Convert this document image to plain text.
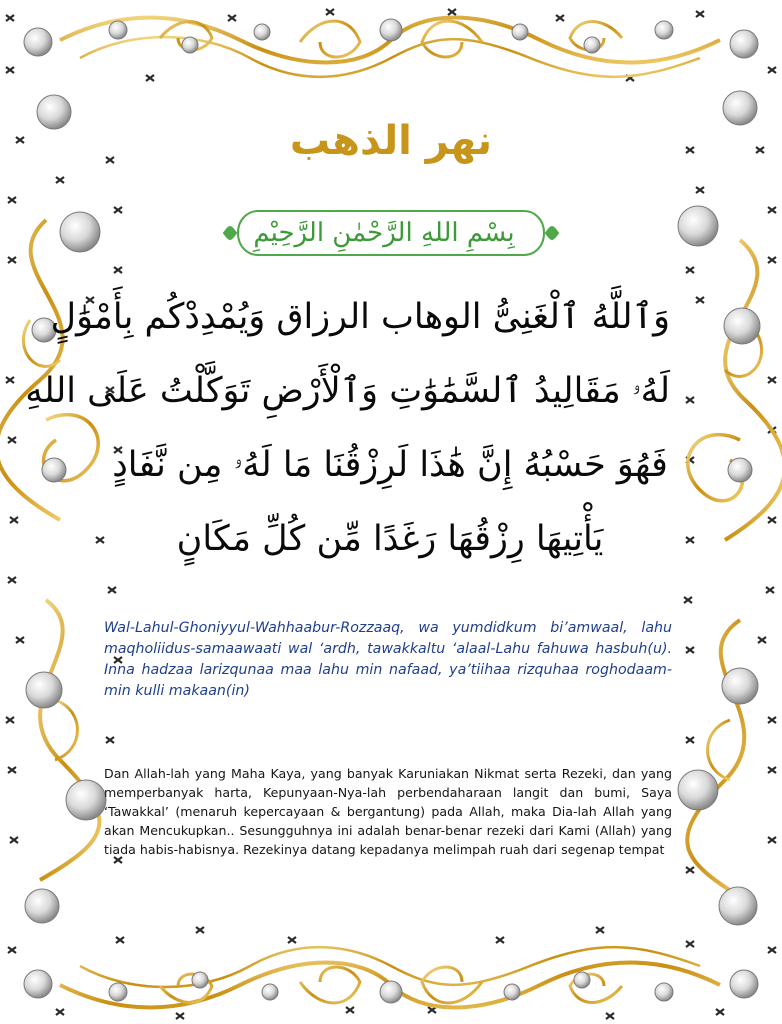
نهر الذهب
بِسْمِ اللهِ الرَّحْمٰنِ الرَّحِيْمِ
وَٱللَّهُ ٱلْغَنِىُّ الوهاب الرزاق وَيُمْدِدْكُم بِأَمْوَٰلٍ
لَهُۥ مَقَالِيدُ ٱلسَّمَٰوَٰتِ وَٱلْأَرْضِ تَوَكَّلْتُ عَلَى اللهِ
فَهُوَ حَسْبُهُ إِنَّ هَٰذَا لَرِزْقُنَا مَا لَهُۥ مِن نَّفَادٍ
يَأْتِيهَا رِزْقُهَا رَغَدًا مِّن كُلِّ مَكَانٍ
Wal-Lahul-Ghoniyyul-Wahhaabur-Rozzaaq, wa yumdidkum bi’amwaal, lahu maqholiidus-samaawaati wal ‘ardh, tawakkaltu ‘alaal-Lahu fahuwa hasbuh(u). Inna hadzaa larizqunaa maa lahu min nafaad, ya’tiihaa rizquhaa roghodaam-min kulli makaan(in)
Dan Allah-lah yang Maha Kaya, yang banyak Karuniakan Nikmat serta Rezeki, dan yang memperbanyak harta, Kepunyaan-Nya-lah perbendaharaan langit dan bumi, Saya ‘Tawakkal’ (menaruh kepercayaan & bergantung) pada Allah, maka Dia-lah Allah yang akan Mencukupkan.. Sesungguhnya ini adalah benar-benar rezeki dari Kami (Allah) yang tiada habis-habisnya. Rezekinya datang kepadanya melimpah ruah dari segenap tempat
